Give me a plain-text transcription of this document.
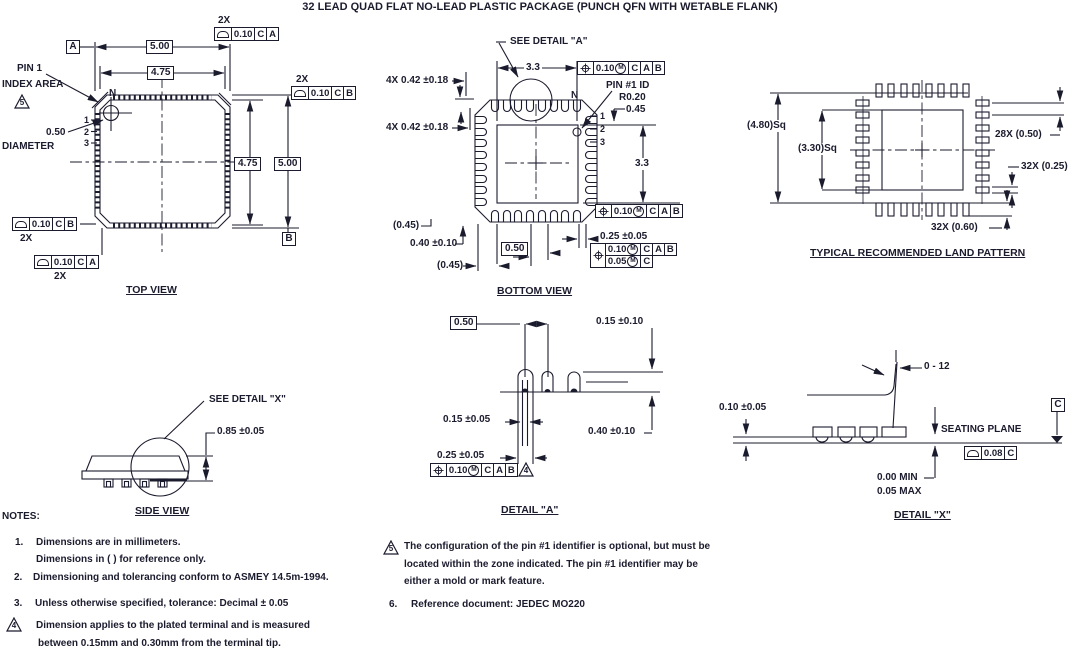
32 LEAD QUAD FLAT NO-LEAD PLASTIC PACKAGE (PUNCH QFN WITH WETABLE FLANK)
A	5.00
4.75
2X
0.10 C A
2X
0.10 C B
PIN 1
INDEX AREA
5
N
1
2
3
0.50
DIAMETER
4.75	5.00
0.10 C B
2X
0.10 C A
2X
B
TOP VIEW
SEE DETAIL "A"
3.3	0.10 M C A B
4X 0.42 ±0.18
4X 0.42 ±0.18
PIN #1 ID
R0.20
0.45
N
1
2
3
3.3
0.10 M C A B
(0.45)
0.40 ±0.10	0.50
(0.45)
0.25 ±0.05
0.10 M C A B
0.05 M C
BOTTOM VIEW
(4.80)Sq
(3.30)Sq
28X (0.50)
32X (0.25)
32X (0.60)
TYPICAL RECOMMENDED LAND PATTERN
SEE DETAIL "X"
0.85 ±0.05
SIDE VIEW
0.50	0.15 ±0.10
0.15 ±0.05
0.40 ±0.10
0.25 ±0.05
0.10 M C A B	4
DETAIL "A"
0 - 12
0.10 ±0.05
SEATING PLANE
C
0.08 C
0.00 MIN
0.05 MAX
DETAIL "X"
NOTES:
1. Dimensions are in millimeters.
Dimensions in ( ) for reference only.
2. Dimensioning and tolerancing conform to ASMEY 14.5m-1994.
3. Unless otherwise specified, tolerance: Decimal ± 0.05
4	Dimension applies to the plated terminal and is measured
between 0.15mm and 0.30mm from the terminal tip.
5	The configuration of the pin #1 identifier is optional, but must be
located within the zone indicated. The pin #1 identifier may be
either a mold or mark feature.
6. Reference document: JEDEC MO220
